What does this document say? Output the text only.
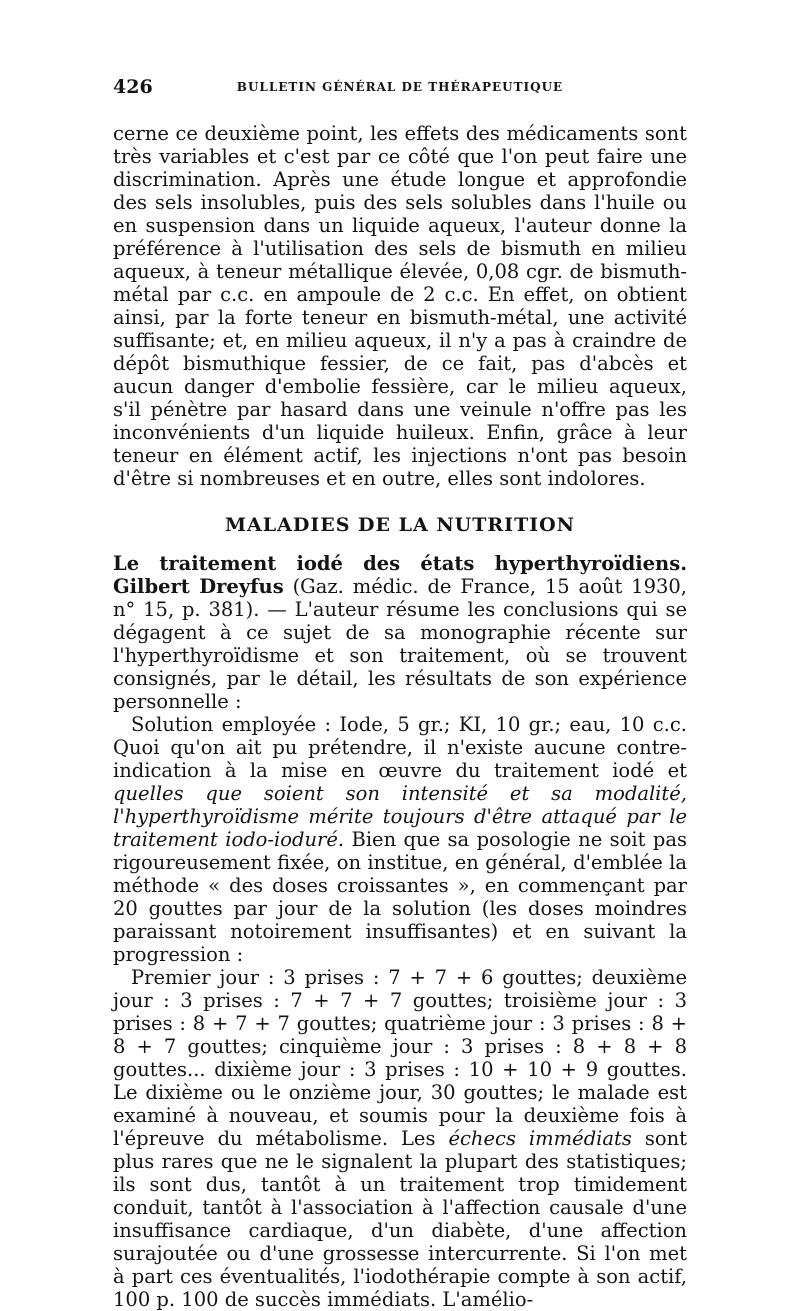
426	BULLETIN GÉNÉRAL DE THÉRAPEUTIQUE

cerne ce deuxième point, les effets des médicaments sont très variables et c'est par ce côté que l'on peut faire une discrimination. Après une étude longue et approfondie des sels insolubles, puis des sels solubles dans l'huile ou en suspension dans un liquide aqueux, l'auteur donne la préférence à l'utilisation des sels de bismuth en milieu aqueux, à teneur métallique élevée, 0,08 cgr. de bismuth-métal par c.c. en ampoule de 2 c.c. En effet, on obtient ainsi, par la forte teneur en bismuth-métal, une activité suffisante; et, en milieu aqueux, il n'y a pas à craindre de dépôt bismuthique fessier, de ce fait, pas d'abcès et aucun danger d'embolie fessière, car le milieu aqueux, s'il pénètre par hasard dans une veinule n'offre pas les inconvénients d'un liquide huileux. Enfin, grâce à leur teneur en élément actif, les injections n'ont pas besoin d'être si nombreuses et en outre, elles sont indolores.

MALADIES DE LA NUTRITION

Le traitement iodé des états hyperthyroïdiens. Gilbert Dreyfus (Gaz. médic. de France, 15 août 1930, n° 15, p. 381). — L'auteur résume les conclusions qui se dégagent à ce sujet de sa monographie récente sur l'hyperthyroïdisme et son traitement, où se trouvent consignés, par le détail, les résultats de son expérience personnelle :

Solution employée : Iode, 5 gr.; KI, 10 gr.; eau, 10 c.c. Quoi qu'on ait pu prétendre, il n'existe aucune contre-indication à la mise en œuvre du traitement iodé et quelles que soient son intensité et sa modalité, l'hyperthyroïdisme mérite toujours d'être attaqué par le traitement iodo-ioduré. Bien que sa posologie ne soit pas rigoureusement fixée, on institue, en général, d'emblée la méthode « des doses croissantes », en commençant par 20 gouttes par jour de la solution (les doses moindres paraissant notoirement insuffisantes) et en suivant la progression :

Premier jour : 3 prises : 7 + 7 + 6 gouttes; deuxième jour : 3 prises : 7 + 7 + 7 gouttes; troisième jour : 3 prises : 8 + 7 + 7 gouttes; quatrième jour : 3 prises : 8 + 8 + 7 gouttes; cinquième jour : 3 prises : 8 + 8 + 8 gouttes... dixième jour : 3 prises : 10 + 10 + 9 gouttes. Le dixième ou le onzième jour, 30 gouttes; le malade est examiné à nouveau, et soumis pour la deuxième fois à l'épreuve du métabolisme. Les échecs immédiats sont plus rares que ne le signalent la plupart des statistiques; ils sont dus, tantôt à un traitement trop timidement conduit, tantôt à l'association à l'affection causale d'une insuffisance cardiaque, d'un diabète, d'une affection surajoutée ou d'une grossesse intercurrente. Si l'on met à part ces éventualités, l'iodothérapie compte à son actif, 100 p. 100 de succès immédiats. L'amélio-
